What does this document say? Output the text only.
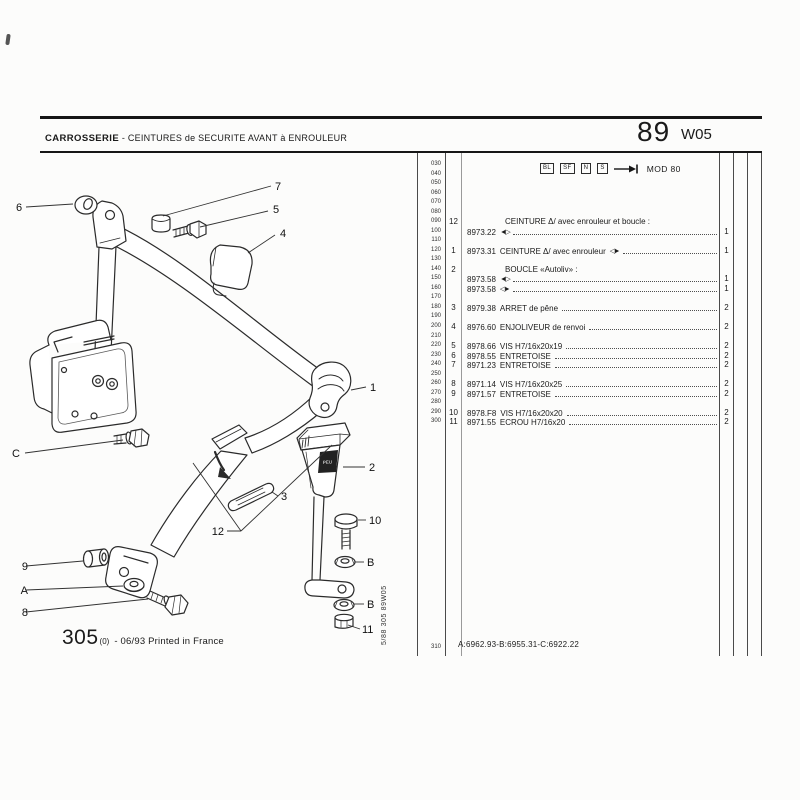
CARROSSERIE - CEINTURES de SECURITE AVANT à ENROULEUR	89 W05
BL	SF	N	S	MOD 80
030
040
050
060
070
080
090
100
110
120
130
140
150
160
170
180
190
200
210
220
230
240
250
260
270
280
290
300
12	CEINTURE Δ/ avec enrouleur et boucle :
8973.22 ◄▷	1
1	8973.31 CEINTURE Δ/ avec enrouleur ◁►	1
2	BOUCLE «Autoliv» :
8973.58 ◄▷	1
8973.58 ◁►	1
3	8979.38 ARRET de pêne	2
4	8976.60 ENJOLIVEUR de renvoi	2
5	8978.66 VIS H7/16x20x19	2
6	8978.55 ENTRETOISE	2
7	8971.23 ENTRETOISE	2
8	8971.14 VIS H7/16x20x25	2
9	8971.57 ENTRETOISE	2
10	8978.F8 VIS H7/16x20x20	2
11	8971.55 ECROU H7/16x20	2
310 A:6962.93-B:6955.31-C:6922.22
5/88 305 89W05
305 (0) - 06/93 Printed in France
6
7
5
4
1
C
2
3
12
10
B
B
11
9
A
8
PEU
